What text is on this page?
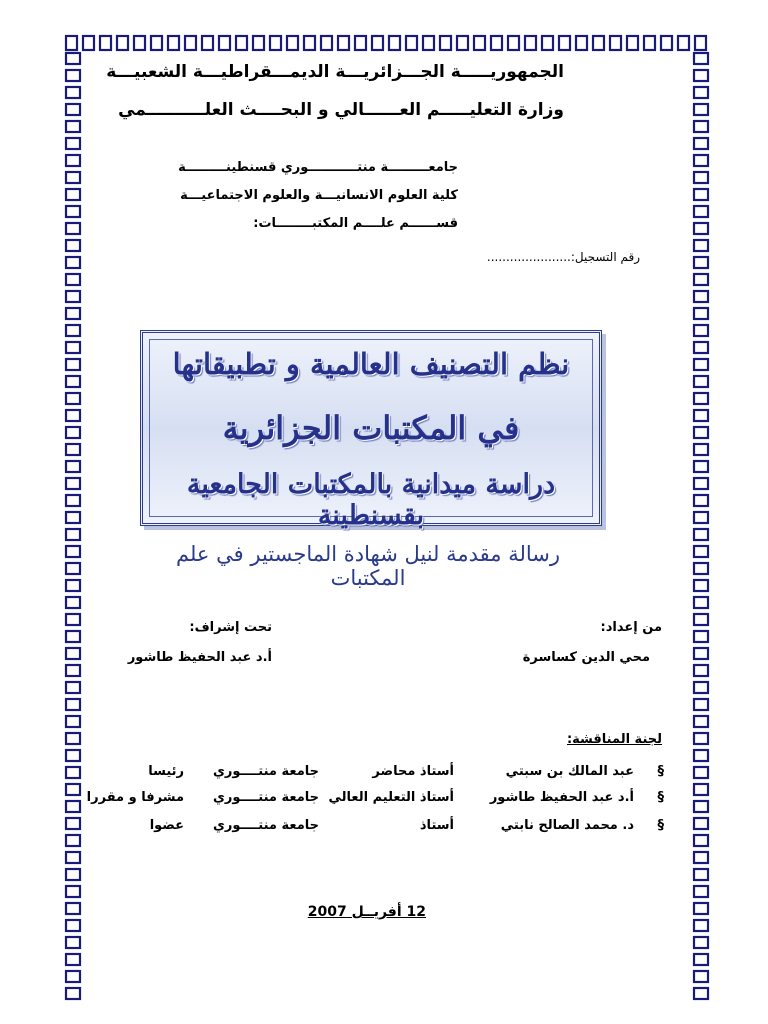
الجمهوريـــــة الجـــزائريـــة الديمـــقراطيـــة الشعبيـــة
وزارة التعليـــــم العــــــالي و البحــــث العلــــــــــمي
جامعـــــــــة منتـــــــــــوري قسنطينـــــــــة
كلية العلوم الانسانيـــة والعلوم الاجتماعيـــة
قســــــم علــــم المكتبــــــــات:
رقم التسجيل:......................
نظم التصنيف العالمية و تطبيقاتها
في المكتبات الجزائرية
دراسة ميدانية بالمكتبات الجامعية بقسنطينة
رسالة مقدمة لنيل شهادة الماجستير في علم المكتبات
من إعداد:
محي الدين كساسرة
تحت إشراف:
أ.د عبد الحفيظ طاشور
لجنة المناقشة:
§
عبد المالك بن سبتي
أستاذ محاضر
جامعة منتــــوري
رئيسا
§
أ.د عبد الحفيظ طاشور
أستاذ التعليم العالي
جامعة منتــــوري
مشرفا و مقررا
§
د. محمد الصالح نابتي
أستاذ
جامعة منتــــوري
عضوا
12 أفريــل 2007
